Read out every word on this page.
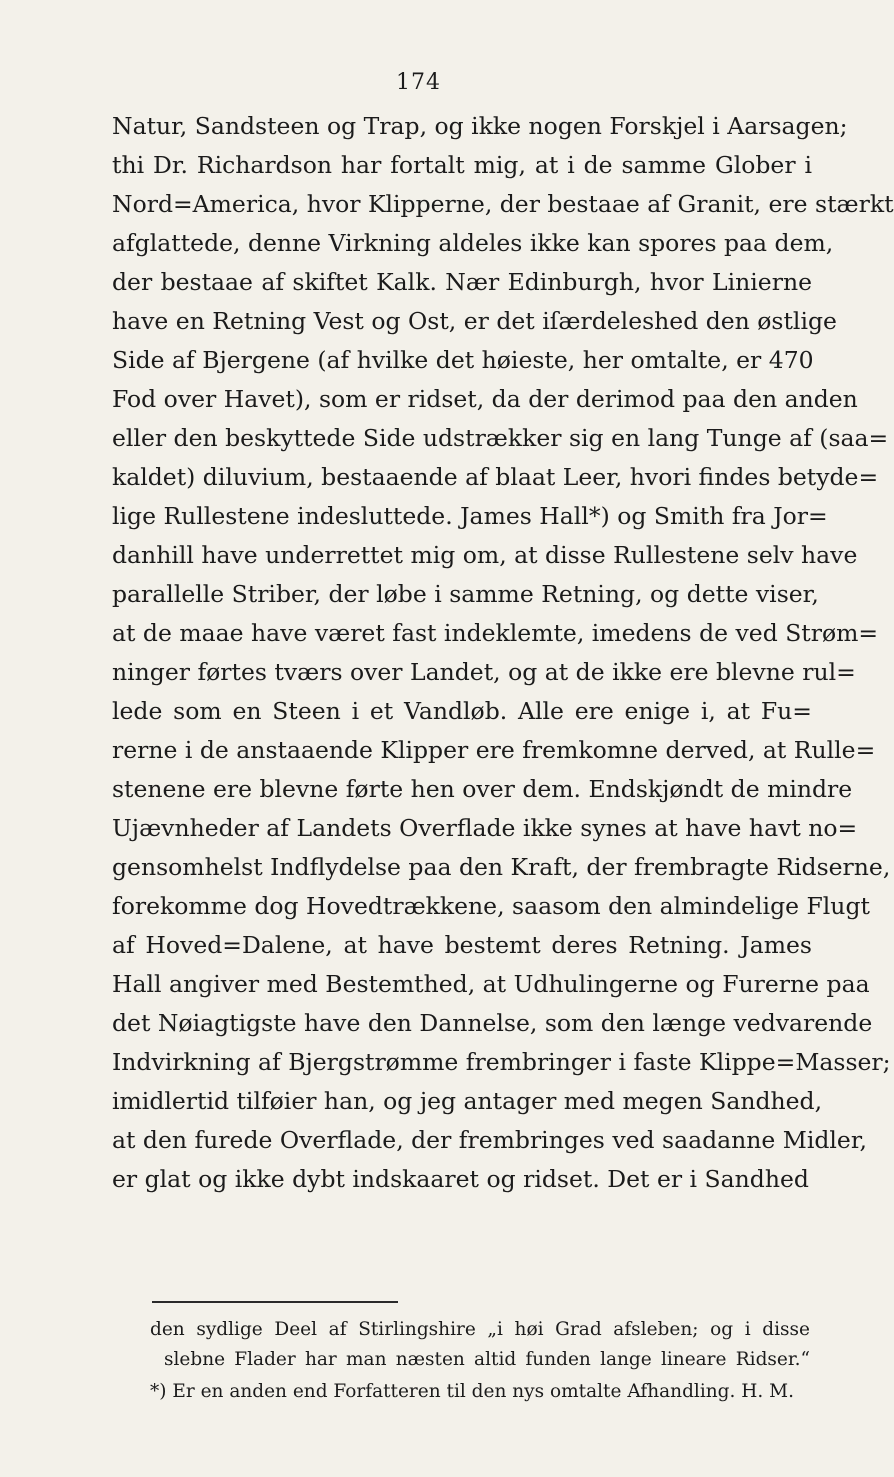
174
Natur, Sandsteen og Trap, og ikke nogen Forskjel i Aarsagen;
thi Dr. Richardson har fortalt mig, at i de samme Glober i
Nord=America, hvor Klipperne, der bestaae af Granit, ere stærkt
afglattede, denne Virkning aldeles ikke kan spores paa dem,
der bestaae af skiftet Kalk. Nær Edinburgh, hvor Linierne
have en Retning Vest og Ost, er det iſærdeleshed den østlige
Side af Bjergene (af hvilke det høieste, her omtalte, er 470
Fod over Havet), som er ridset, da der derimod paa den anden
eller den beskyttede Side udstrækker sig en lang Tunge af (saa=
kaldet) diluvium, bestaaende af blaat Leer, hvori findes betyde=
lige Rullestene indesluttede. James Hall*) og Smith fra Jor=
danhill have underrettet mig om, at disse Rullestene selv have
parallelle Striber, der løbe i samme Retning, og dette viser,
at de maae have været fast indeklemte, imedens de ved Strøm=
ninger førtes tværs over Landet, og at de ikke ere blevne rul=
lede som en Steen i et Vandløb. Alle ere enige i, at Fu=
rerne i de anstaaende Klipper ere fremkomne derved, at Rulle=
stenene ere blevne førte hen over dem. Endskjøndt de mindre
Ujævnheder af Landets Overflade ikke synes at have havt no=
gensomhelst Indflydelse paa den Kraft, der frembragte Ridserne,
forekomme dog Hovedtrækkene, saasom den almindelige Flugt
af Hoved=Dalene, at have bestemt deres Retning. James
Hall angiver med Bestemthed, at Udhulingerne og Furerne paa
det Nøiagtigste have den Dannelse, som den længe vedvarende
Indvirkning af Bjergstrømme frembringer i faste Klippe=Masser;
imidlertid tilføier han, og jeg antager med megen Sandhed,
at den furede Overflade, der frembringes ved saadanne Midler,
er glat og ikke dybt indskaaret og ridset. Det er i Sandhed
den sydlige Deel af Stirlingshire „i høi Grad afsleben; og i disse
slebne Flader har man næsten altid funden lange lineare Ridser.“
*) Er en anden end Forfatteren til den nys omtalte Afhandling. H. M.
